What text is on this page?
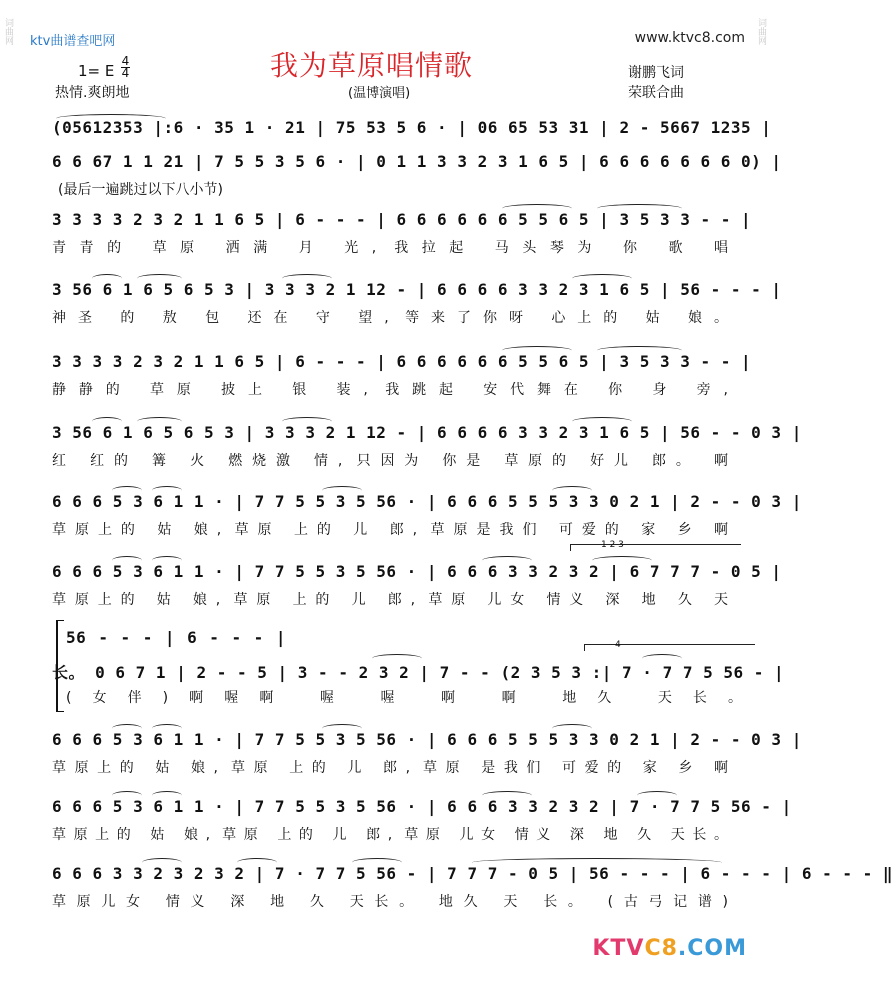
词曲网	词曲网
ktv曲谱查吧网	www.ktvc8.com
我为草原唱情歌
1= E
4
4
热情.爽朗地	(温博演唱)
谢鹏飞词
荣联合曲
(05612353 |:6 · 35 1 · 21 | 75 53 5 6 · | 06 65 53 31 | 2 - 5667 1235 |
6 6 67 1 1 21 | 7 5 5 3 5 6 · | 0 1 1 3 3 2 3 1 6 5 | 6 6 6 6 6 6 6 0) |
(最后一遍跳过以下八小节)
3 3 3 3 2 3 2 1 1 6 5 | 6 - - - | 6 6 6 6 6 6 5 5 6 5 | 3 5 3 3 - - |
青青的 草原 洒满 月 光, 我拉起 马头琴为 你 歌 唱
3 56 6 1 6 5 6 5 3 | 3 3 3 2 1 12 - | 6 6 6 6 3 3 2 3 1 6 5 | 56 - - - |
神圣 的 敖 包 还在 守 望, 等来了你呀 心上的 姑 娘。
3 3 3 3 2 3 2 1 1 6 5 | 6 - - - | 6 6 6 6 6 6 5 5 6 5 | 3 5 3 3 - - |
静静的 草原 披上 银 装, 我跳起 安代舞在 你 身 旁,
3 56 6 1 6 5 6 5 3 | 3 3 3 2 1 12 - | 6 6 6 6 3 3 2 3 1 6 5 | 56 - - 0 3 |
红 红的 篝 火 燃烧激 情, 只因为 你是 草原的 好儿 郎。 啊
6 6 6 5 3 6 1 1 · | 7 7 5 5 3 5 56 · | 6 6 6 5 5 5 3 3 0 2 1 | 2 - - 0 3 |
草原上的 姑 娘, 草原 上的 儿 郎, 草原是我们 可爱的 家 乡 啊
1 2 3
6 6 6 5 3 6 1 1 · | 7 7 5 5 3 5 56 · | 6 6 6 3 3 2 3 2 | 6 7 7 7 - 0 5 |
草原上的 姑 娘, 草原 上的 儿 郎, 草原 儿女 情义 深 地 久 天
56 - - - | 6 - - - |	4
长。 0 6 7 1 | 2 - - 5 | 3 - - 2 3 2 | 7 - - (2 3 5 3 :| 7 · 7 7 5 56 - |
(女伴)啊喔啊 喔 喔 啊 啊 地久 天长。
6 6 6 5 3 6 1 1 · | 7 7 5 5 3 5 56 · | 6 6 6 5 5 5 3 3 0 2 1 | 2 - - 0 3 |
草原上的 姑 娘, 草原 上的 儿 郎, 草原 是我们 可爱的 家 乡 啊
6 6 6 5 3 6 1 1 · | 7 7 5 5 3 5 56 · | 6 6 6 3 3 2 3 2 | 7 · 7 7 5 56 - |
草原上的 姑 娘, 草原 上的 儿 郎, 草原 儿女 情义 深 地 久 天长。
6 6 6 3 3 2 3 2 3 2 | 7 · 7 7 5 56 - | 7 7 7 - 0 5 | 56 - - - | 6 - - - | 6 - - - ‖
草原儿女 情义 深 地 久 天长。 地久 天 长。 (古弓记谱)
KTVC8.COM
